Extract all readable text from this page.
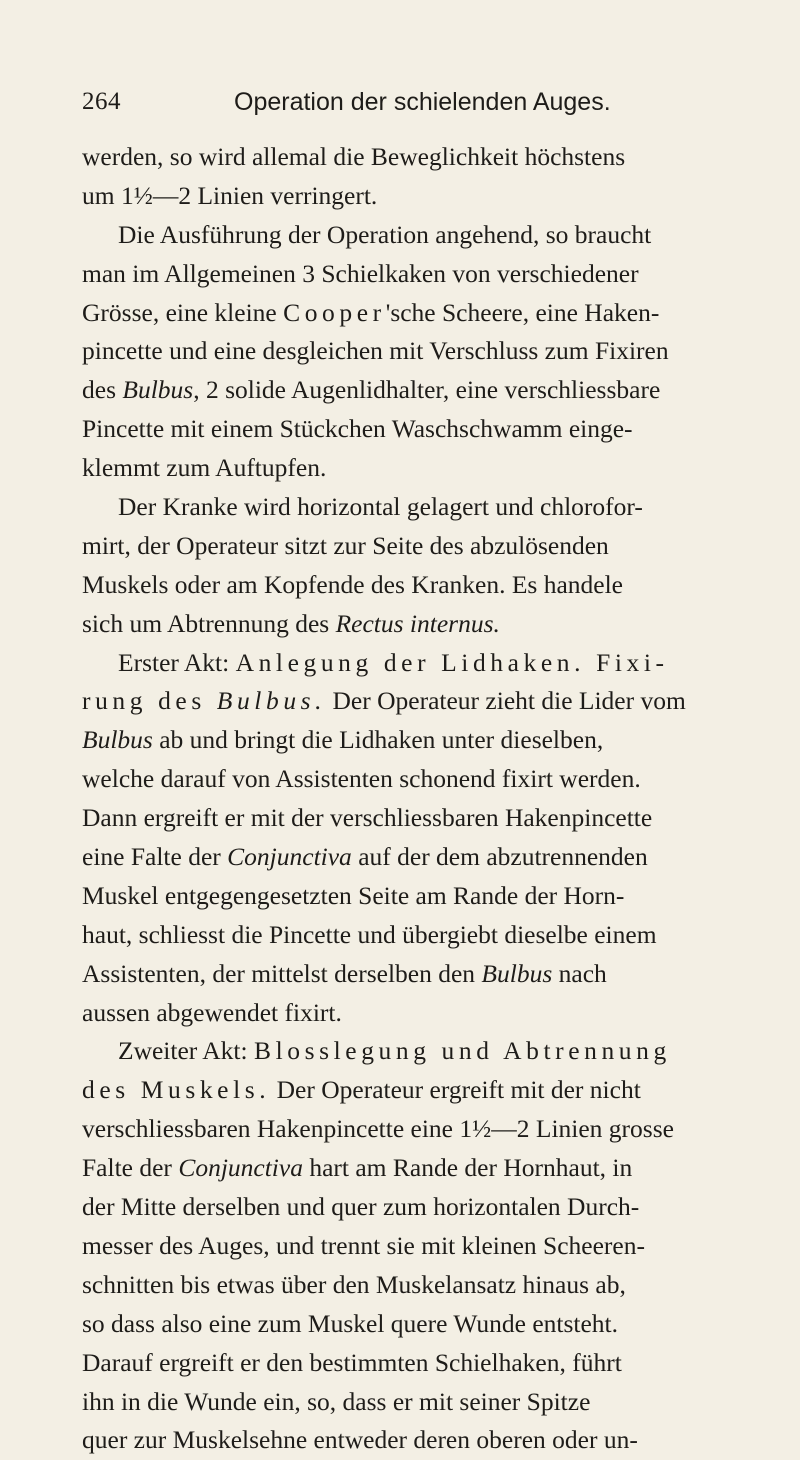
264	Operation der schielenden Auges.
werden, so wird allemal die Beweglichkeit höchstens
um 1½—2 Linien verringert.
Die Ausführung der Operation angehend, so braucht
man im Allgemeinen 3 Schielkaken von verschiedener
Grösse, eine kleine Cooper'sche Scheere, eine Haken-
pincette und eine desgleichen mit Verschluss zum Fixiren
des Bulbus, 2 solide Augenlidhalter, eine verschliessbare
Pincette mit einem Stückchen Waschschwamm einge-
klemmt zum Auftupfen.
Der Kranke wird horizontal gelagert und chlorofor-
mirt, der Operateur sitzt zur Seite des abzulösenden
Muskels oder am Kopfende des Kranken. Es handele
sich um Abtrennung des Rectus internus.
Erster Akt: Anlegung der Lidhaken. Fixi-
rung des Bulbus. Der Operateur zieht die Lider vom
Bulbus ab und bringt die Lidhaken unter dieselben,
welche darauf von Assistenten schonend fixirt werden.
Dann ergreift er mit der verschliessbaren Hakenpincette
eine Falte der Conjunctiva auf der dem abzutrennenden
Muskel entgegengesetzten Seite am Rande der Horn-
haut, schliesst die Pincette und übergiebt dieselbe einem
Assistenten, der mittelst derselben den Bulbus nach
aussen abgewendet fixirt.
Zweiter Akt: Blosslegung und Abtrennung
des Muskels. Der Operateur ergreift mit der nicht
verschliessbaren Hakenpincette eine 1½—2 Linien grosse
Falte der Conjunctiva hart am Rande der Hornhaut, in
der Mitte derselben und quer zum horizontalen Durch-
messer des Auges, und trennt sie mit kleinen Scheeren-
schnitten bis etwas über den Muskelansatz hinaus ab,
so dass also eine zum Muskel quere Wunde entsteht.
Darauf ergreift er den bestimmten Schielhaken, führt
ihn in die Wunde ein, so, dass er mit seiner Spitze
quer zur Muskelsehne entweder deren oberen oder un-
